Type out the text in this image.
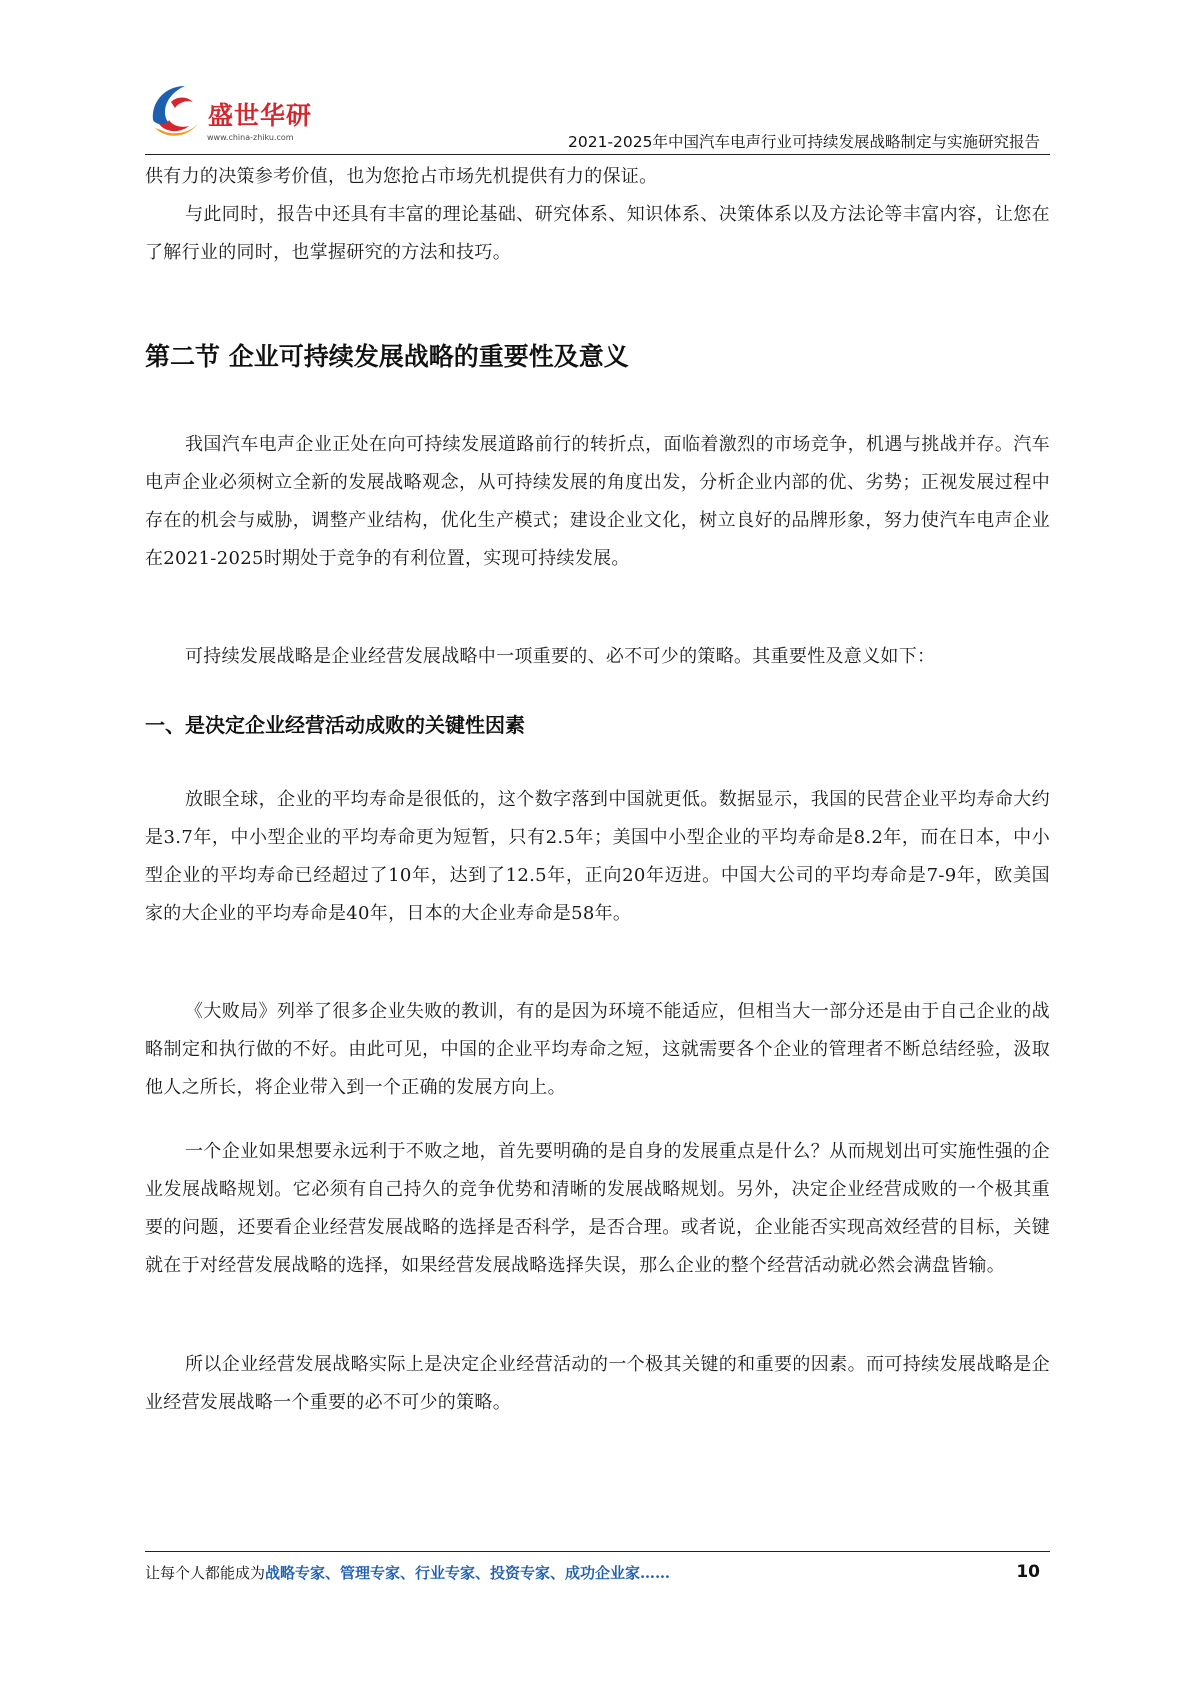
盛世华研
www.china-zhiku.com	2021-2025年中国汽车电声行业可持续发展战略制定与实施研究报告

供有力的决策参考价值，也为您抢占市场先机提供有力的保证。

与此同时，报告中还具有丰富的理论基础、研究体系、知识体系、决策体系以及方法论等丰富内容，让您在了解行业的同时，也掌握研究的方法和技巧。

第二节 企业可持续发展战略的重要性及意义

我国汽车电声企业正处在向可持续发展道路前行的转折点，面临着激烈的市场竞争，机遇与挑战并存。汽车电声企业必须树立全新的发展战略观念，从可持续发展的角度出发，分析企业内部的优、劣势；正视发展过程中存在的机会与威胁，调整产业结构，优化生产模式；建设企业文化，树立良好的品牌形象，努力使汽车电声企业在2021-2025时期处于竞争的有利位置，实现可持续发展。

可持续发展战略是企业经营发展战略中一项重要的、必不可少的策略。其重要性及意义如下：

一、是决定企业经营活动成败的关键性因素

放眼全球，企业的平均寿命是很低的，这个数字落到中国就更低。数据显示，我国的民营企业平均寿命大约是3.7年，中小型企业的平均寿命更为短暂，只有2.5年；美国中小型企业的平均寿命是8.2年，而在日本，中小型企业的平均寿命已经超过了10年，达到了12.5年，正向20年迈进。中国大公司的平均寿命是7-9年，欧美国家的大企业的平均寿命是40年，日本的大企业寿命是58年。

《大败局》列举了很多企业失败的教训，有的是因为环境不能适应，但相当大一部分还是由于自己企业的战略制定和执行做的不好。由此可见，中国的企业平均寿命之短，这就需要各个企业的管理者不断总结经验，汲取他人之所长，将企业带入到一个正确的发展方向上。

一个企业如果想要永远利于不败之地，首先要明确的是自身的发展重点是什么？从而规划出可实施性强的企业发展战略规划。它必须有自己持久的竞争优势和清晰的发展战略规划。另外，决定企业经营成败的一个极其重要的问题，还要看企业经营发展战略的选择是否科学，是否合理。或者说，企业能否实现高效经营的目标，关键就在于对经营发展战略的选择，如果经营发展战略选择失误，那么企业的整个经营活动就必然会满盘皆输。

所以企业经营发展战略实际上是决定企业经营活动的一个极其关键的和重要的因素。而可持续发展战略是企业经营发展战略一个重要的必不可少的策略。

让每个人都能成为战略专家、管理专家、行业专家、投资专家、成功企业家……	10
